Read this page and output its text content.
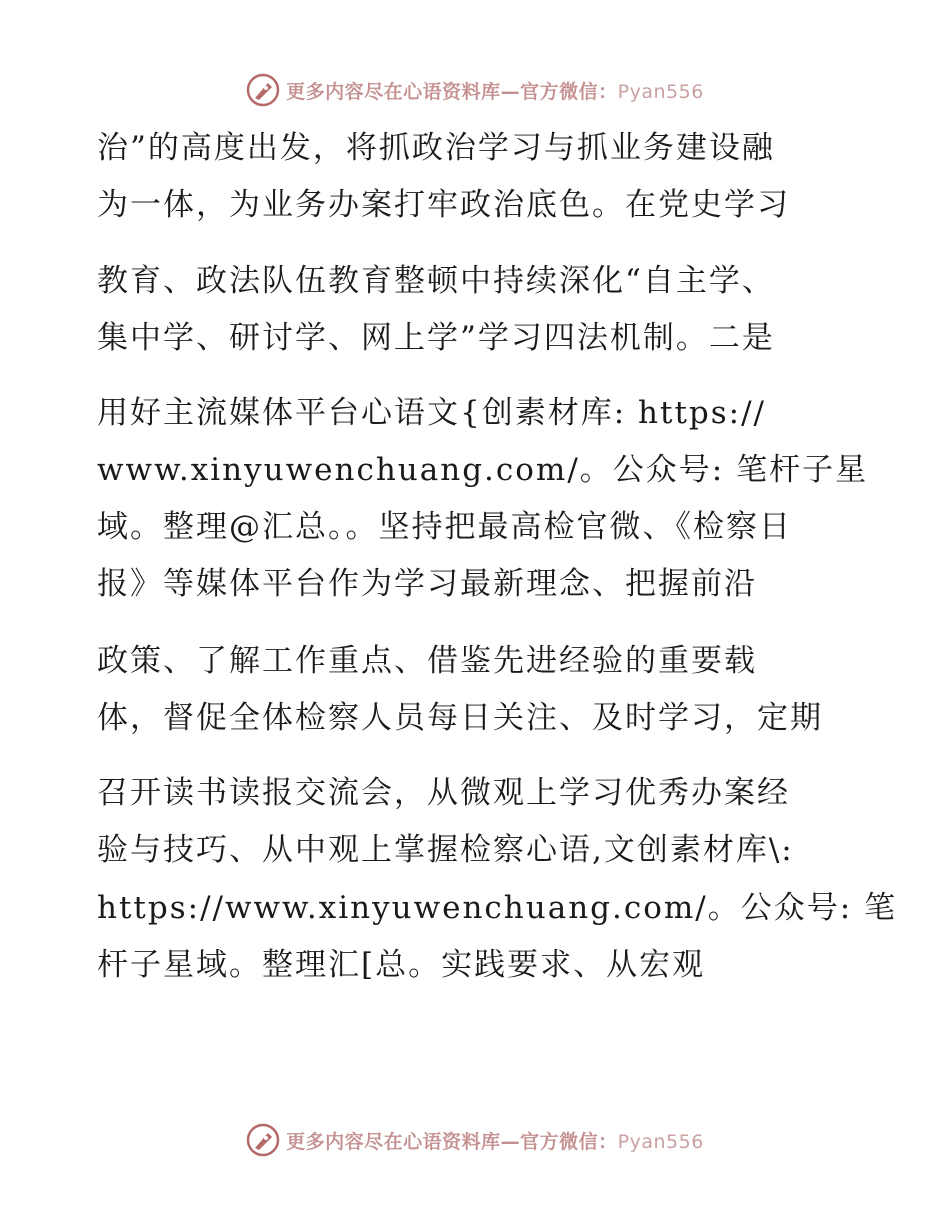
更多内容尽在心语资料库—官方微信：Pyan556
治”的高度出发，将抓政治学习与抓业务建设融
为一体，为业务办案打牢政治底色。在党史学习
教育、政法队伍教育整顿中持续深化“自主学、
集中学、研讨学、网上学”学习四法机制。二是
用好主流媒体平台心语文{创素材库: https://
www.xinyuwenchuang.com/。公众号: 笔杆子星
域。整理@汇总。。坚持把最高检官微、《检察日
报》等媒体平台作为学习最新理念、把握前沿
政策、了解工作重点、借鉴先进经验的重要载
体，督促全体检察人员每日关注、及时学习，定期
召开读书读报交流会，从微观上学习优秀办案经
验与技巧、从中观上掌握检察心语,文创素材库\:
https://www.xinyuwenchuang.com/。公众号: 笔
杆子星域。整理汇[总。实践要求、从宏观
更多内容尽在心语资料库—官方微信：Pyan556
